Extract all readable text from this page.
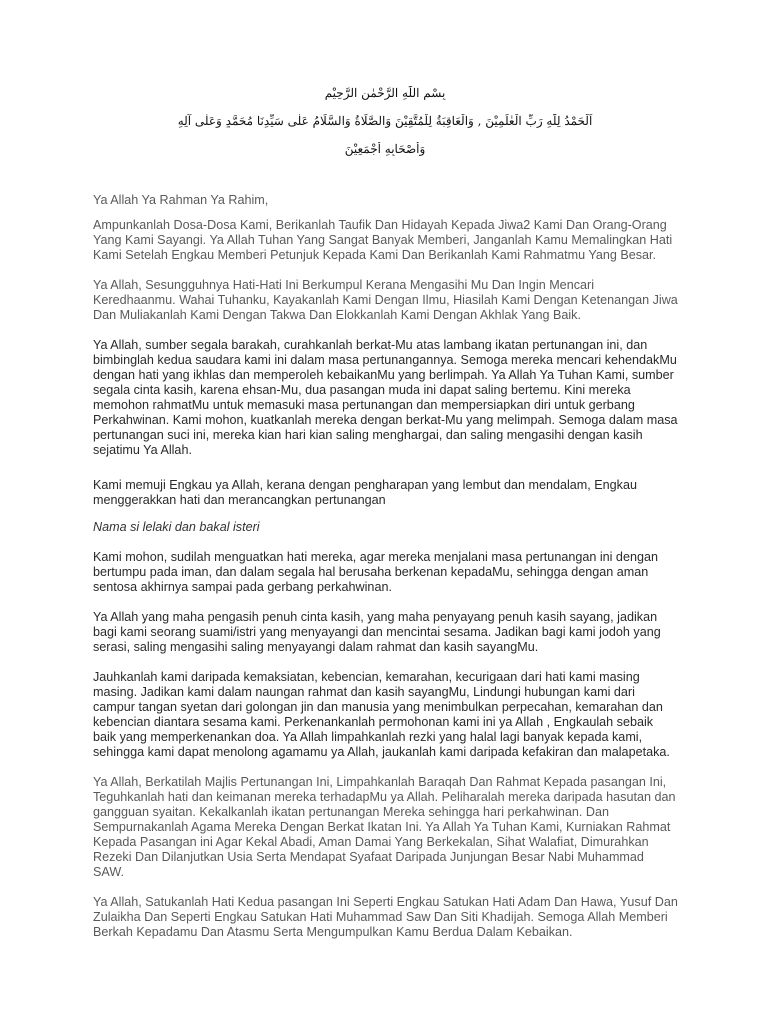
بِسْمِ اللّٰهِ الرَّحْمٰنِ الرَّحِيْمِ
اَلْحَمْدُ لِلّٰهِ رَبِّ الْعٰلَمِيْنَ , وَالْعَاقِبَةُ لِلْمُتَّقِيْنَ وَالصَّلَاةُ وَالسَّلَامُ عَلٰى سَيِّدِنَا مُحَمَّدٍ وَعَلٰى آلِهِ
وَأَصْحَابِهِ أَجْمَعِيْنَ

Ya Allah Ya Rahman Ya Rahim,

Ampunkanlah Dosa-Dosa Kami, Berikanlah Taufik Dan Hidayah Kepada Jiwa2 Kami Dan Orang-Orang Yang Kami Sayangi. Ya Allah Tuhan Yang Sangat Banyak Memberi, Janganlah Kamu Memalingkan Hati Kami Setelah Engkau Memberi Petunjuk Kepada Kami Dan Berikanlah Kami Rahmatmu Yang Besar.

Ya Allah, Sesungguhnya Hati-Hati Ini Berkumpul Kerana Mengasihi Mu Dan Ingin Mencari Keredhaanmu. Wahai Tuhanku, Kayakanlah Kami Dengan Ilmu, Hiasilah Kami Dengan Ketenangan Jiwa Dan Muliakanlah Kami Dengan Takwa Dan Elokkanlah Kami Dengan Akhlak Yang Baik.

Ya Allah, sumber segala barakah, curahkanlah berkat-Mu atas lambang ikatan pertunangan ini, dan bimbinglah kedua saudara kami ini dalam masa pertunangannya. Semoga mereka mencari kehendakMu dengan hati yang ikhlas dan memperoleh kebaikanMu yang berlimpah. Ya Allah Ya Tuhan Kami, sumber segala cinta kasih, karena ehsan-Mu, dua pasangan muda ini dapat saling bertemu. Kini mereka memohon rahmatMu untuk memasuki masa pertunangan dan mempersiapkan diri untuk gerbang Perkahwinan. Kami mohon, kuatkanlah mereka dengan berkat-Mu yang melimpah. Semoga dalam masa pertunangan suci ini, mereka kian hari kian saling menghargai, dan saling mengasihi dengan kasih sejatimu Ya Allah.

Kami memuji Engkau ya Allah, kerana dengan pengharapan yang lembut dan mendalam, Engkau menggerakkan hati dan merancangkan pertunangan

Nama si lelaki dan bakal isteri

Kami mohon, sudilah menguatkan hati mereka, agar mereka menjalani masa pertunangan ini dengan bertumpu pada iman, dan dalam segala hal berusaha berkenan kepadaMu, sehingga dengan aman sentosa akhirnya sampai pada gerbang perkahwinan.

Ya Allah yang maha pengasih penuh cinta kasih, yang maha penyayang penuh kasih sayang, jadikan bagi kami seorang suami/istri yang menyayangi dan mencintai sesama. Jadikan bagi kami jodoh yang serasi, saling mengasihi saling menyayangi dalam rahmat dan kasih sayangMu.

Jauhkanlah kami daripada kemaksiatan, kebencian, kemarahan, kecurigaan dari hati kami masing masing. Jadikan kami dalam naungan rahmat dan kasih sayangMu, Lindungi hubungan kami dari campur tangan syetan dari golongan jin dan manusia yang menimbulkan perpecahan, kemarahan dan kebencian diantara sesama kami. Perkenankanlah permohonan kami ini ya Allah , Engkaulah sebaik baik yang memperkenankan doa. Ya Allah limpahkanlah rezki yang halal lagi banyak kepada kami, sehingga kami dapat menolong agamamu ya Allah, jaukanlah kami daripada kefakiran dan malapetaka.

Ya Allah, Berkatilah Majlis Pertunangan Ini, Limpahkanlah Baraqah Dan Rahmat Kepada pasangan Ini, Teguhkanlah hati dan keimanan mereka terhadapMu ya Allah. Peliharalah mereka daripada hasutan dan gangguan syaitan. Kekalkanlah ikatan pertunangan Mereka sehingga hari perkahwinan. Dan Sempurnakanlah Agama Mereka Dengan Berkat Ikatan Ini. Ya Allah Ya Tuhan Kami, Kurniakan Rahmat Kepada Pasangan ini Agar Kekal Abadi, Aman Damai Yang Berkekalan, Sihat Walafiat, Dimurahkan Rezeki Dan Dilanjutkan Usia Serta Mendapat Syafaat Daripada Junjungan Besar Nabi Muhammad SAW.

Ya Allah, Satukanlah Hati Kedua pasangan Ini Seperti Engkau Satukan Hati Adam Dan Hawa, Yusuf Dan Zulaikha Dan Seperti Engkau Satukan Hati Muhammad Saw Dan Siti Khadijah. Semoga Allah Memberi Berkah Kepadamu Dan Atasmu Serta Mengumpulkan Kamu Berdua Dalam Kebaikan.
